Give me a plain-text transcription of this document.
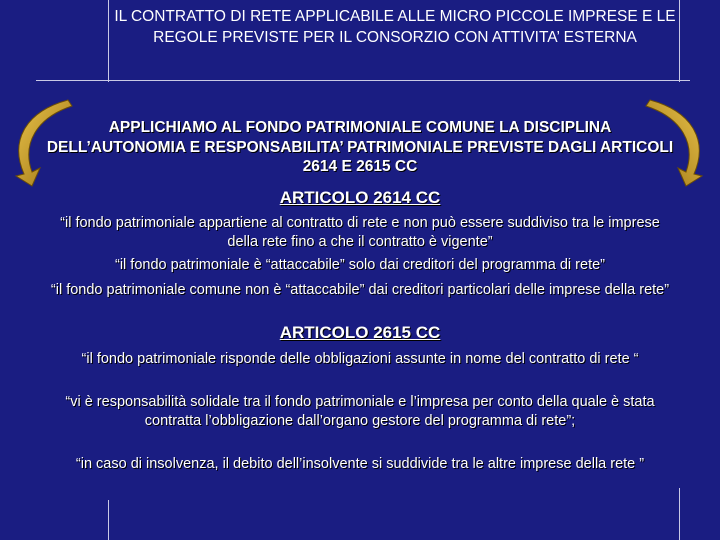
IL CONTRATTO DI RETE APPLICABILE ALLE MICRO PICCOLE IMPRESE E LE REGOLE PREVISTE PER IL CONSORZIO CON ATTIVITA’ ESTERNA
APPLICHIAMO AL FONDO PATRIMONIALE COMUNE LA DISCIPLINA DELL’AUTONOMIA E RESPONSABILITA’ PATRIMONIALE PREVISTE DAGLI ARTICOLI 2614 E 2615 CC
ARTICOLO 2614 CC
“il fondo patrimoniale appartiene al contratto di rete e non può essere suddiviso tra le imprese della rete fino a che il contratto è vigente”
“il fondo patrimoniale è “attaccabile” solo dai creditori del programma di rete”
“il fondo patrimoniale comune non è “attaccabile” dai creditori particolari delle imprese della rete”
ARTICOLO 2615 CC
“il fondo patrimoniale risponde delle obbligazioni assunte in nome del contratto di rete “
“vi è responsabilità solidale tra il fondo patrimoniale e l’impresa per conto della quale è stata contratta l’obbligazione dall’organo gestore del programma di rete”;
“in caso di insolvenza, il debito dell’insolvente si suddivide tra le altre imprese della rete ”
